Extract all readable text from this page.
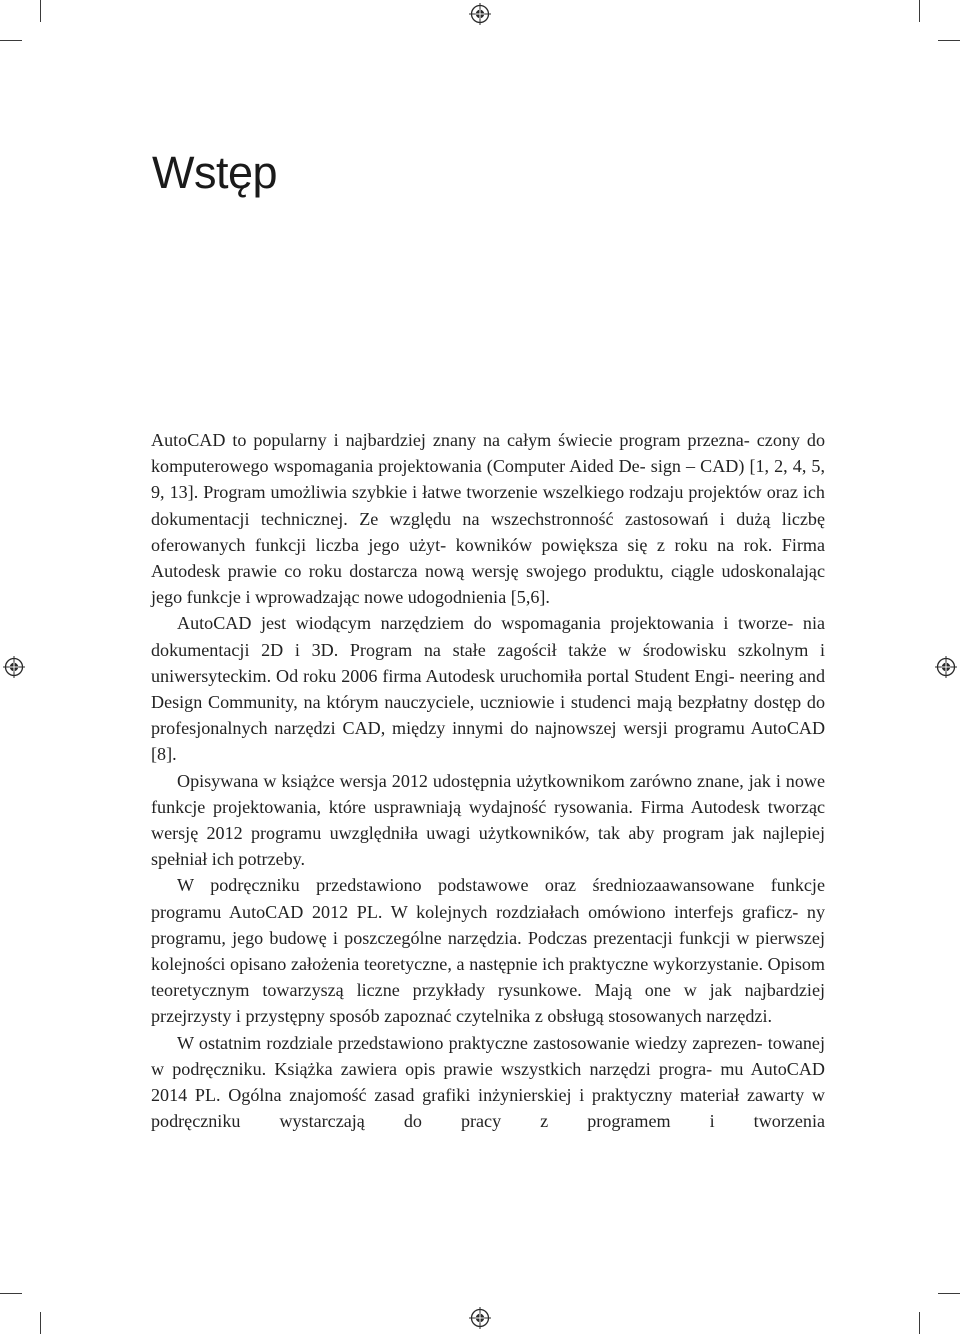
Wstęp

AutoCAD to popularny i najbardziej znany na całym świecie program przezna- czony do komputerowego wspomagania projektowania (Computer Aided De- sign – CAD) [1, 2, 4, 5, 9, 13]. Program umożliwia szybkie i łatwe tworzenie wszelkiego rodzaju projektów oraz ich dokumentacji technicznej. Ze względu na wszechstronność zastosowań i dużą liczbę oferowanych funkcji liczba jego użyt- kowników powiększa się z roku na rok. Firma Autodesk prawie co roku dostarcza nową wersję swojego produktu, ciągle udoskonalając jego funkcje i wprowadzając nowe udogodnienia [5,6].

AutoCAD jest wiodącym narzędziem do wspomagania projektowania i tworze- nia dokumentacji 2D i 3D. Program na stałe zagościł także w środowisku szkolnym i uniwersyteckim. Od roku 2006 firma Autodesk uruchomiła portal Student Engi- neering and Design Community, na którym nauczyciele, uczniowie i studenci mają bezpłatny dostęp do profesjonalnych narzędzi CAD, między innymi do najnowszej wersji programu AutoCAD [8].

Opisywana w książce wersja 2012 udostępnia użytkownikom zarówno znane, jak i nowe funkcje projektowania, które usprawniają wydajność rysowania. Firma Autodesk tworząc wersję 2012 programu uwzględniła uwagi użytkowników, tak aby program jak najlepiej spełniał ich potrzeby.

W podręczniku przedstawiono podstawowe oraz średniozaawansowane funkcje programu AutoCAD 2012 PL. W kolejnych rozdziałach omówiono interfejs graficz- ny programu, jego budowę i poszczególne narzędzia. Podczas prezentacji funkcji w pierwszej kolejności opisano założenia teoretyczne, a następnie ich praktyczne wykorzystanie. Opisom teoretycznym towarzyszą liczne przykłady rysunkowe. Mają one w jak najbardziej przejrzysty i przystępny sposób zapoznać czytelnika z obsługą stosowanych narzędzi.

W ostatnim rozdziale przedstawiono praktyczne zastosowanie wiedzy zaprezen- towanej w podręczniku. Książka zawiera opis prawie wszystkich narzędzi progra- mu AutoCAD 2014 PL. Ogólna znajomość zasad grafiki inżynierskiej i praktyczny materiał zawarty w podręczniku wystarczają do pracy z programem i tworzenia
